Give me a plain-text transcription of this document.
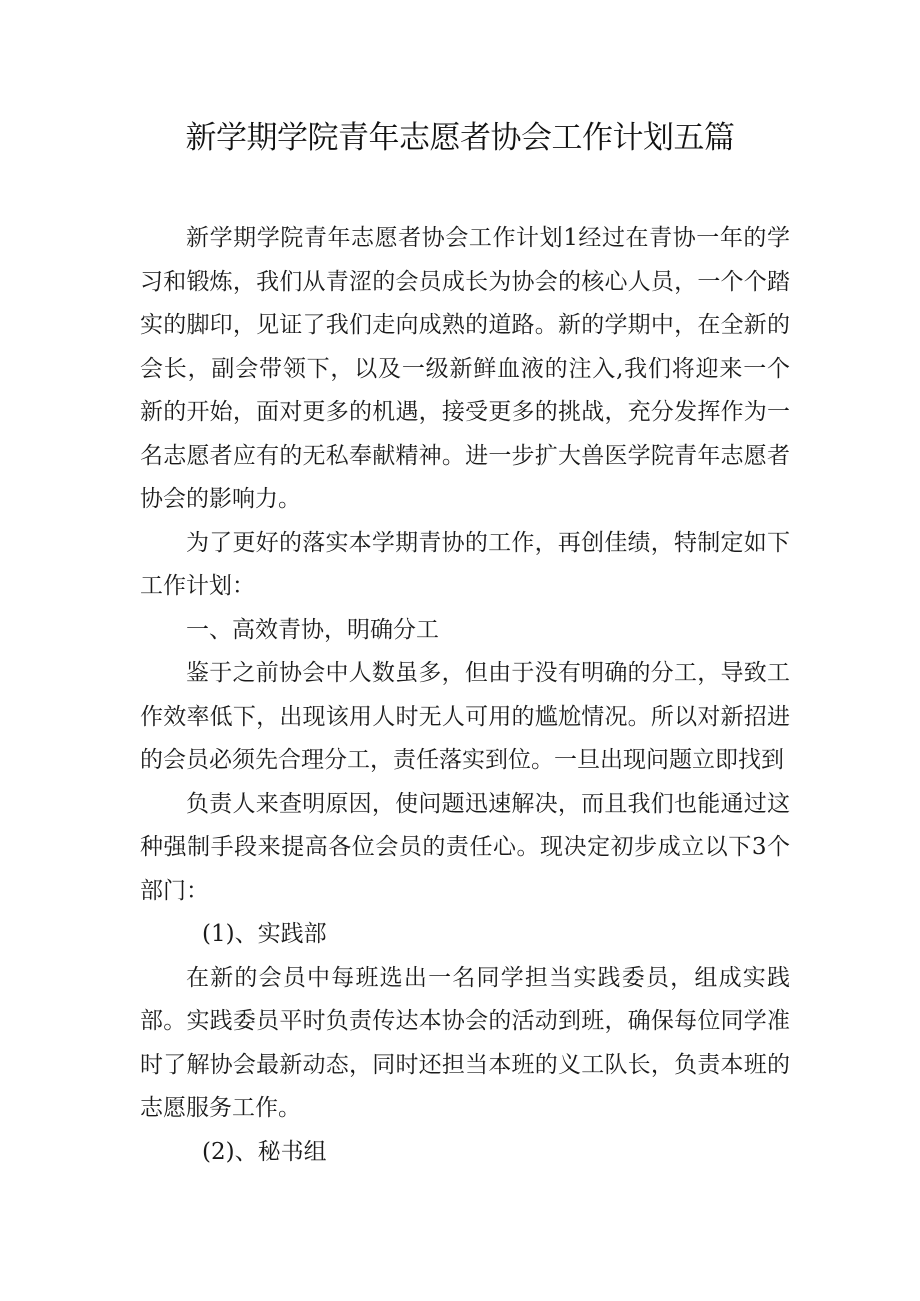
新学期学院青年志愿者协会工作计划五篇

新学期学院青年志愿者协会工作计划1经过在青协一年的学习和锻炼，我们从青涩的会员成长为协会的核心人员，一个个踏实的脚印，见证了我们走向成熟的道路。新的学期中，在全新的会长，副会带领下，以及一级新鲜血液的注入,我们将迎来一个新的开始，面对更多的机遇，接受更多的挑战，充分发挥作为一名志愿者应有的无私奉献精神。进一步扩大兽医学院青年志愿者协会的影响力。

为了更好的落实本学期青协的工作，再创佳绩，特制定如下工作计划：

一、高效青协，明确分工

鉴于之前协会中人数虽多，但由于没有明确的分工，导致工作效率低下，出现该用人时无人可用的尴尬情况。所以对新招进的会员必须先合理分工，责任落实到位。一旦出现问题立即找到

负责人来查明原因，使问题迅速解决，而且我们也能通过这种强制手段来提高各位会员的责任心。现决定初步成立以下3个部门：

(1)、实践部

在新的会员中每班选出一名同学担当实践委员，组成实践部。实践委员平时负责传达本协会的活动到班，确保每位同学准时了解协会最新动态，同时还担当本班的义工队长，负责本班的志愿服务工作。

(2)、秘书组
